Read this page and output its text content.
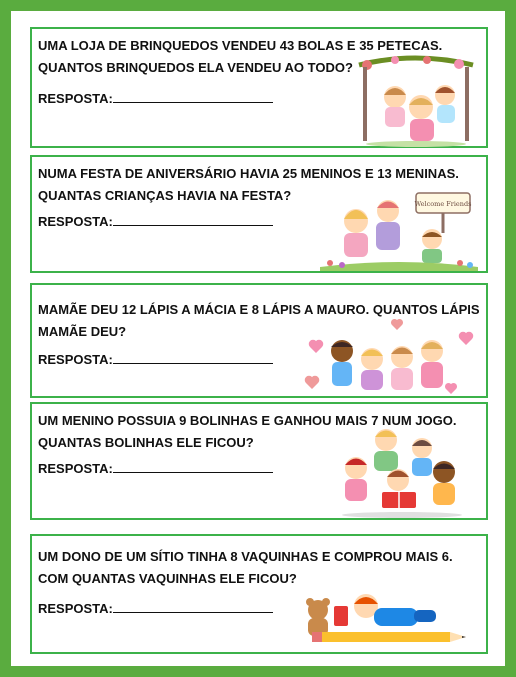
UMA LOJA DE BRINQUEDOS VENDEU 43 BOLAS E 35 PETECAS.
QUANTOS BRINQUEDOS ELA VENDEU AO TODO?
RESPOSTA:
NUMA FESTA DE ANIVERSÁRIO HAVIA 25 MENINOS E 13 MENINAS.
QUANTAS CRIANÇAS HAVIA NA FESTA?
RESPOSTA:
Welcome Friends
MAMÃE DEU 12 LÁPIS A MÁCIA E 8 LÁPIS A MAURO. QUANTOS LÁPIS
MAMÃE DEU?
RESPOSTA:
UM MENINO POSSUIA 9 BOLINHAS E GANHOU MAIS 7 NUM JOGO.
QUANTAS BOLINHAS ELE FICOU?
RESPOSTA:
UM DONO DE UM SÍTIO TINHA 8 VAQUINHAS E COMPROU MAIS 6.
COM QUANTAS VAQUINHAS ELE FICOU?
RESPOSTA:
